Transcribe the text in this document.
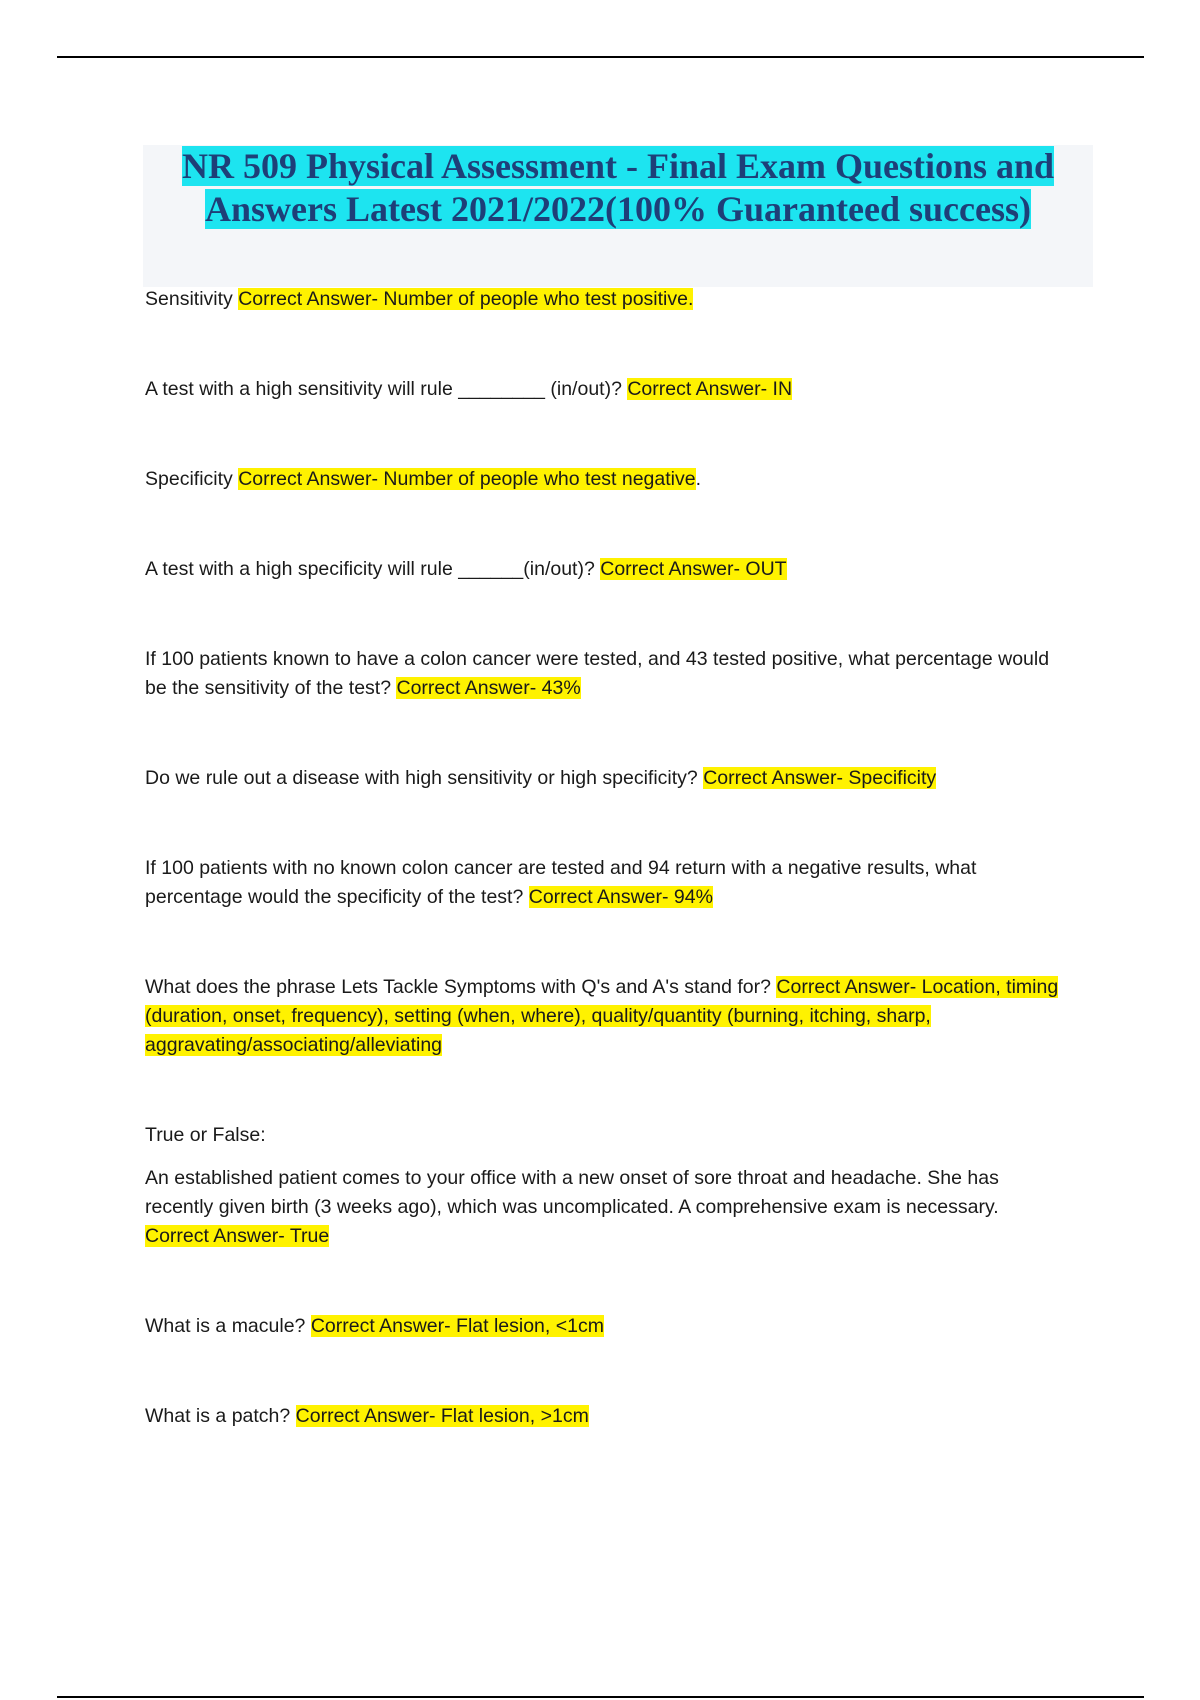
NR 509 Physical Assessment - Final Exam Questions and Answers Latest 2021/2022(100% Guaranteed success)

Sensitivity Correct Answer- Number of people who test positive.

A test with a high sensitivity will rule ________ (in/out)? Correct Answer- IN

Specificity Correct Answer- Number of people who test negative.

A test with a high specificity will rule ______(in/out)? Correct Answer- OUT

If 100 patients known to have a colon cancer were tested, and 43 tested positive, what percentage would be the sensitivity of the test? Correct Answer- 43%

Do we rule out a disease with high sensitivity or high specificity? Correct Answer- Specificity

If 100 patients with no known colon cancer are tested and 94 return with a negative results, what percentage would the specificity of the test? Correct Answer- 94%

What does the phrase Lets Tackle Symptoms with Q's and A's stand for? Correct Answer- Location, timing (duration, onset, frequency), setting (when, where), quality/quantity (burning, itching, sharp, aggravating/associating/alleviating

True or False:

An established patient comes to your office with a new onset of sore throat and headache. She has recently given birth (3 weeks ago), which was uncomplicated. A comprehensive exam is necessary. Correct Answer- True

What is a macule? Correct Answer- Flat lesion, <1cm

What is a patch? Correct Answer- Flat lesion, >1cm
